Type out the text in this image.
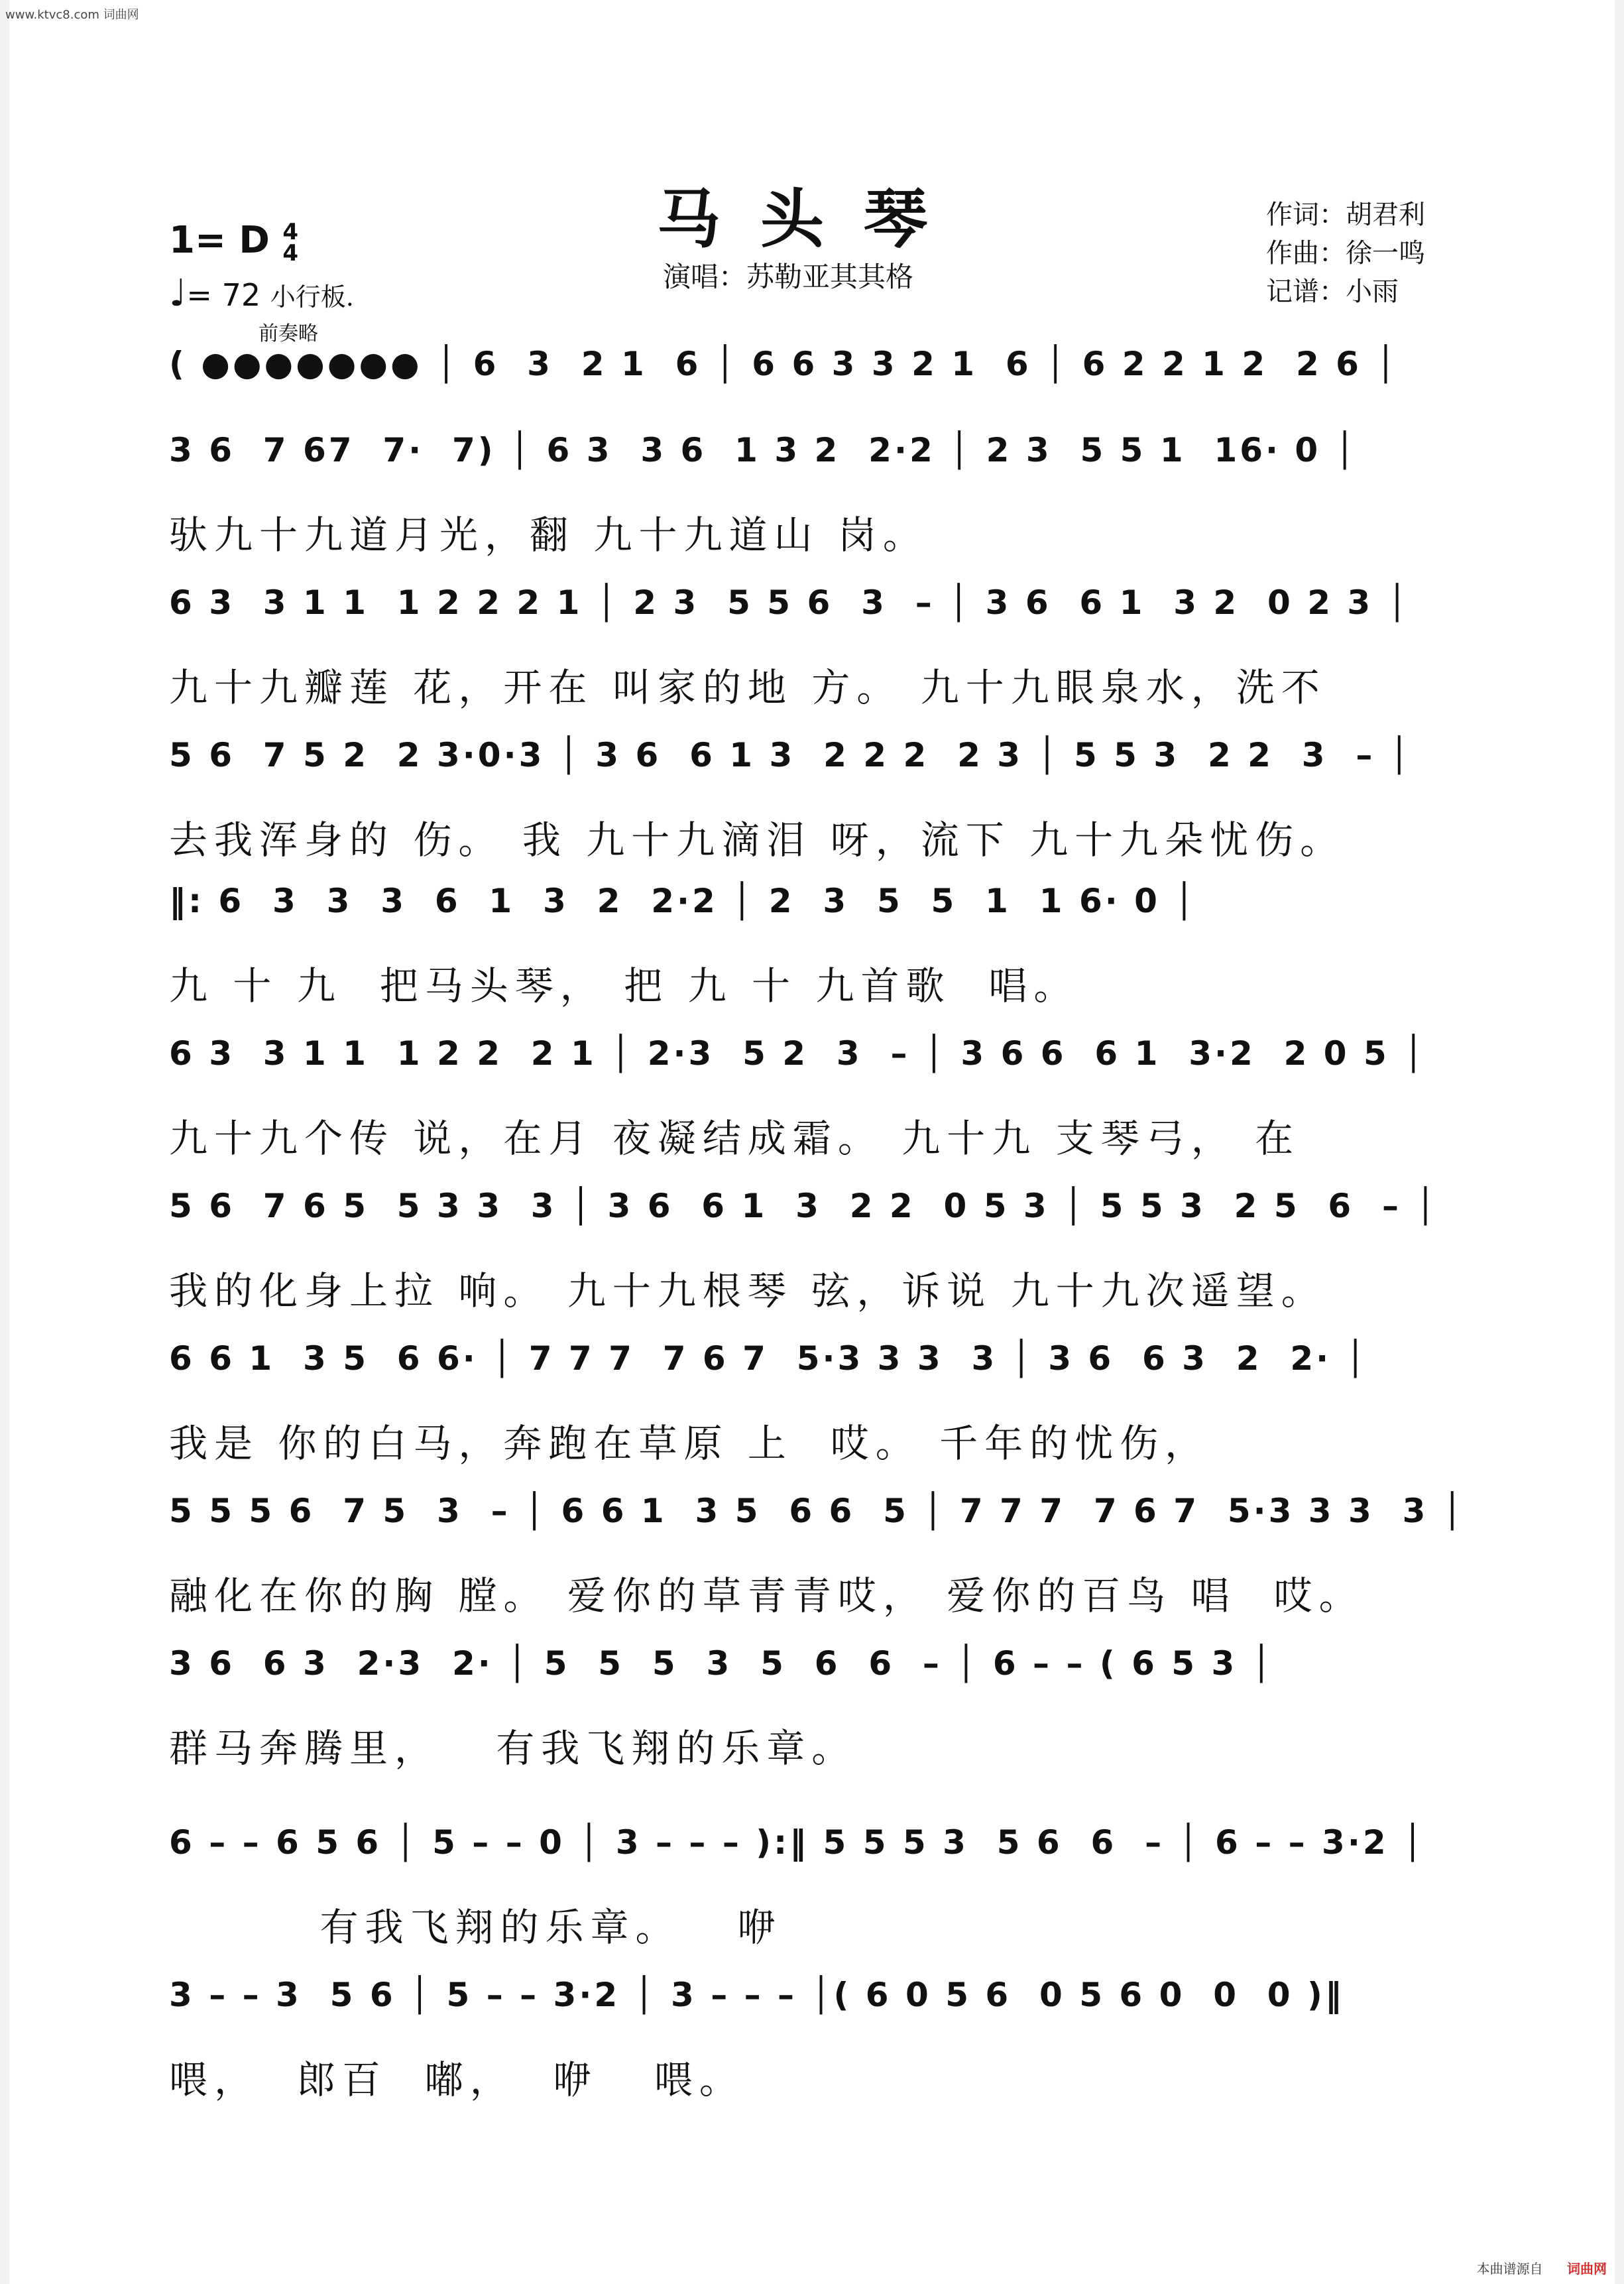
www.ktvc8.com 词曲网
马头琴
演唱：苏勒亚其其格
作词：胡君利
作曲：徐一鸣
记谱：小雨
1= D 4
4
♩= 72 小行板.
前奏略
( ●●●●●●● │ 6  3  2 1  6 │ 6 6 3 3 2 1  6 │ 6 2 2 1 2  2 6 │
3 6  7 67  7·  7) │ 6 3  3 6  1 3 2  2·2 │ 2 3  5 5 1  16· 0 │
驮九十九道月光，翻 九十九道山 岗。
6 3  3 1 1  1 2 2 2 1 │ 2 3  5 5 6  3  – │ 3 6  6 1  3 2  0 2 3 │
九十九瓣莲 花，开在 叫家的地 方。 九十九眼泉水，洗不
5 6  7 5 2  2 3·0·3 │ 3 6  6 1 3  2 2 2  2 3 │ 5 5 3  2 2  3  – │
去我浑身的 伤。 我 九十九滴泪 呀，流下 九十九朵忧伤。
‖: 6  3  3  3  6  1  3  2  2·2 │ 2  3  5  5  1  1 6· 0 │
九 十 九  把马头琴， 把 九 十 九首歌  唱。
6 3  3 1 1  1 2 2  2 1 │ 2·3  5 2  3  – │ 3 6 6  6 1  3·2  2 0 5 │
九十九个传 说，在月 夜凝结成霜。 九十九 支琴弓， 在
5 6  7 6 5  5 3 3  3 │ 3 6  6 1  3  2 2  0 5 3 │ 5 5 3  2 5  6  – │
我的化身上拉 响。 九十九根琴 弦，诉说 九十九次遥望。
6 6 1  3 5  6 6· │ 7 7 7  7 6 7  5·3 3 3  3 │ 3 6  6 3  2  2· │
我是 你的白马，奔跑在草原 上  哎。 千年的忧伤，
5 5 5 6  7 5  3  – │ 6 6 1  3 5  6 6  5 │ 7 7 7  7 6 7  5·3 3 3  3 │
融化在你的胸 膛。 爱你的草青青哎， 爱你的百鸟 唱  哎。
3 6  6 3  2·3  2· │ 5  5  5  3  5  6  6  – │ 6 – – ( 6 5 3 │
群马奔腾里，   有我飞翔的乐章。
6 – – 6 5 6 │ 5 – – 0 │ 3 – – – ):‖ 5 5 5 3  5 6  6  – │ 6 – – 3·2 │
有我飞翔的乐章。   咿
3 – – 3  5 6 │ 5 – – 3·2 │ 3 – – – │( 6 0 5 6  0 5 6 0  0  0 )‖
喂，  郎百  嘟，  咿   喂。
本曲谱源自 词曲网
